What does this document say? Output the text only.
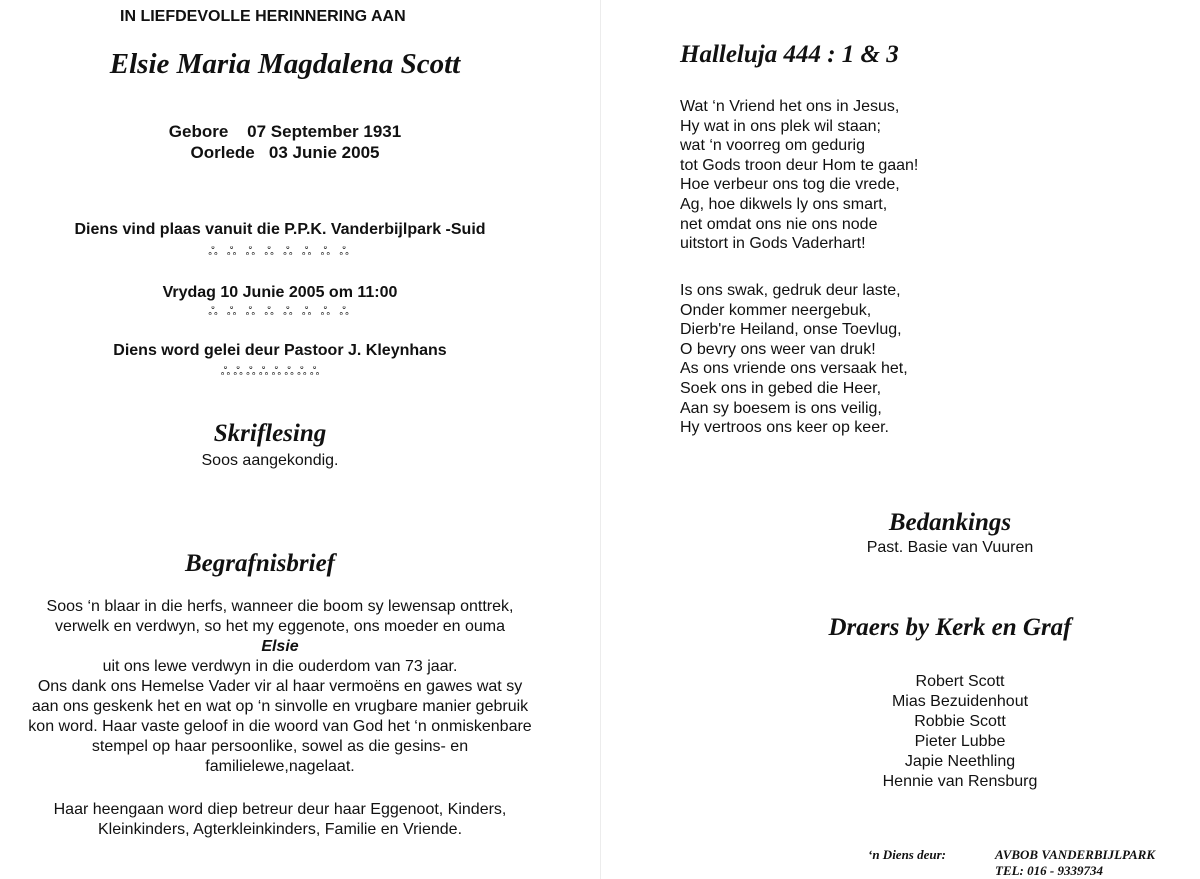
IN LIEFDEVOLLE HERINNERING AAN
Elsie Maria Magdalena Scott
Gebore    07 September 1931
Oorlede   03 Junie 2005
Diens vind plaas vanuit die P.P.K. Vanderbijlpark -Suid
ஃ ஃ ஃ ஃ ஃ ஃ ஃ ஃ
Vrydag 10 Junie 2005 om 11:00
ஃ ஃ ஃ ஃ ஃ ஃ ஃ ஃ
Diens word gelei deur Pastoor J. Kleynhans
ஃ ஃ ஃ ஃ ஃ ஃ ஃ ஃ
Skriflesing
Soos aangekondig.
Begrafnisbrief

Soos ‘n blaar in die herfs, wanneer die boom sy lewensap onttrek,

verwelk en verdwyn, so het my eggenote, ons moeder en ouma

Elsie

uit ons lewe verdwyn in die ouderdom van 73 jaar.

Ons dank ons Hemelse Vader vir al haar vermoëns en gawes wat sy

aan ons geskenk het en wat op ‘n sinvolle en vrugbare manier gebruik

kon word. Haar vaste geloof in die woord van God het ‘n onmiskenbare

stempel op haar persoonlike, sowel as die gesins- en

familielewe,nagelaat.

Haar heengaan word diep betreur deur haar Eggenoot, Kinders,
Kleinkinders, Agterkleinkinders, Familie en Vriende.
Halleluja 444 : 1 & 3
Wat ‘n Vriend het ons in Jesus,
Hy wat in ons plek wil staan;
wat ‘n voorreg om gedurig
tot Gods troon deur Hom te gaan!
Hoe verbeur ons tog die vrede,
Ag, hoe dikwels ly ons smart,
net omdat ons nie ons node
uitstort in Gods Vaderhart!
Is ons swak, gedruk deur laste,
Onder kommer neergebuk,
Dierb're Heiland, onse Toevlug,
O bevry ons weer van druk!
As ons vriende ons versaak het,
Soek ons in gebed die Heer,
Aan sy boesem is ons veilig,
Hy vertroos ons keer op keer.
Bedankings
Past. Basie van Vuuren
Draers by Kerk en Graf
Robert Scott
Mias Bezuidenhout
Robbie Scott
Pieter Lubbe
Japie Neethling
Hennie van Rensburg
‘n Diens deur:	AVBOB VANDERBIJLPARK
TEL: 016 - 9339734
